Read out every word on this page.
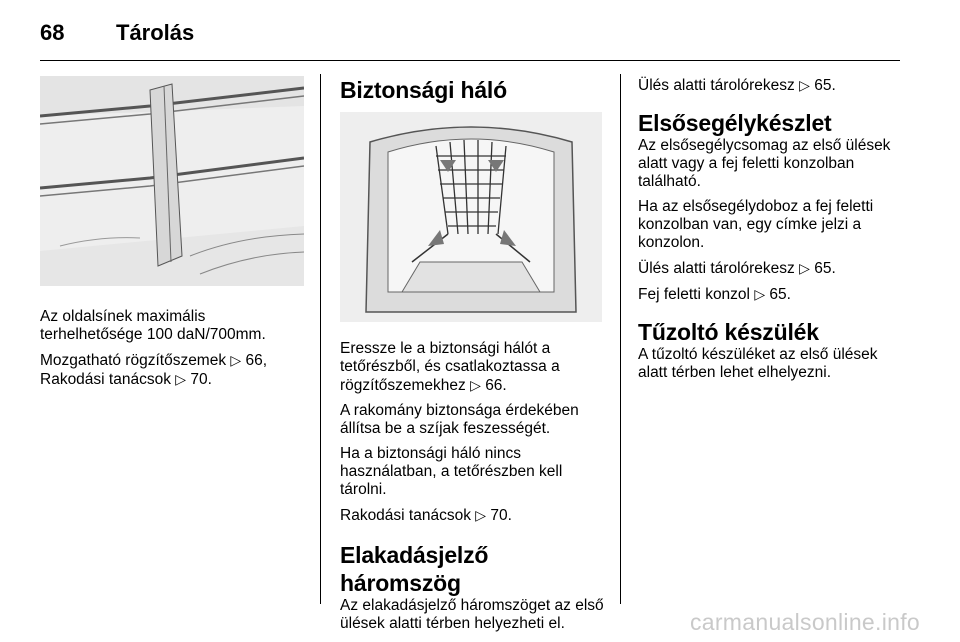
68 Tárolás

Az oldalsínek maximális terhelhetősége 100 daN/700mm.

Mozgatható rögzítőszemek ▷ 66,
Rakodási tanácsok ▷ 70.

Biztonsági háló

Eressze le a biztonsági hálót a tetőrészből, és csatlakoztassa a rögzítőszemekhez ▷ 66.

A rakomány biztonsága érdekében állítsa be a szíjak feszességét.

Ha a biztonsági háló nincs használatban, a tetőrészben kell tárolni.

Rakodási tanácsok ▷ 70.

Elakadásjelző háromszög

Az elakadásjelző háromszöget az első ülések alatti térben helyezheti el.

Ülés alatti tárolórekesz ▷ 65.

Elsősegélykészlet

Az elsősegélycsomag az első ülések alatt vagy a fej feletti konzolban található.

Ha az elsősegélydoboz a fej feletti konzolban van, egy címke jelzi a konzolon.

Ülés alatti tárolórekesz ▷ 65.

Fej feletti konzol ▷ 65.

Tűzoltó készülék

A tűzoltó készüléket az első ülések alatt térben lehet elhelyezni.

carmanualsonline.info
